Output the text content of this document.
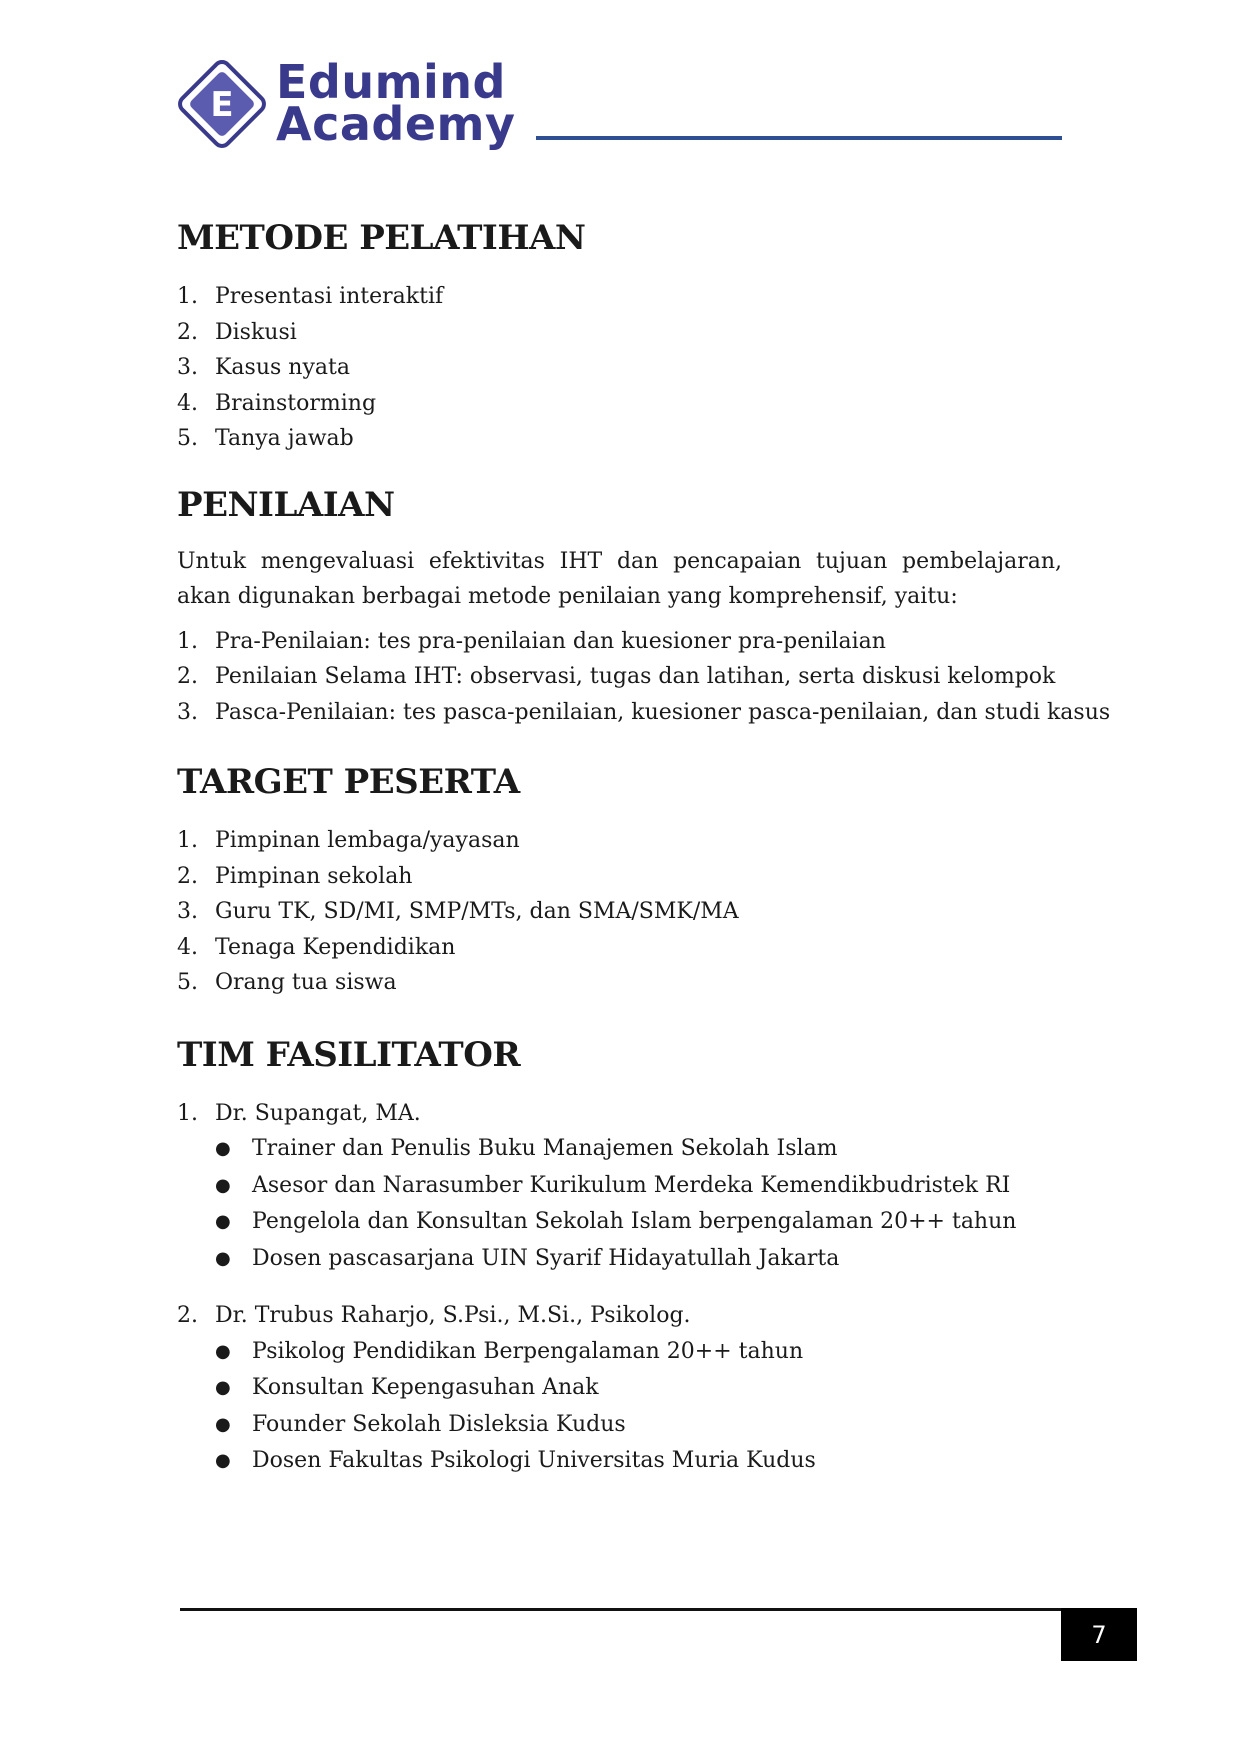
E Edumind
Academy
METODE PELATIHAN
1. Presentasi interaktif
2. Diskusi
3. Kasus nyata
4. Brainstorming
5. Tanya jawab
PENILAIAN

Untuk mengevaluasi efektivitas IHT dan pencapaian tujuan pembelajaran, akan digunakan berbagai metode penilaian yang komprehensif, yaitu:

1. Pra-Penilaian: tes pra-penilaian dan kuesioner pra-penilaian
2. Penilaian Selama IHT: observasi, tugas dan latihan, serta diskusi kelompok
3. Pasca-Penilaian: tes pasca-penilaian, kuesioner pasca-penilaian, dan studi kasus
TARGET PESERTA
1. Pimpinan lembaga/yayasan
2. Pimpinan sekolah
3. Guru TK, SD/MI, SMP/MTs, dan SMA/SMK/MA
4. Tenaga Kependidikan
5. Orang tua siswa
TIM FASILITATOR
1. Dr. Supangat, MA.
● Trainer dan Penulis Buku Manajemen Sekolah Islam
● Asesor dan Narasumber Kurikulum Merdeka Kemendikbudristek RI
● Pengelola dan Konsultan Sekolah Islam berpengalaman 20++ tahun
● Dosen pascasarjana UIN Syarif Hidayatullah Jakarta
2. Dr. Trubus Raharjo, S.Psi., M.Si., Psikolog.
● Psikolog Pendidikan Berpengalaman 20++ tahun
● Konsultan Kepengasuhan Anak
● Founder Sekolah Disleksia Kudus
● Dosen Fakultas Psikologi Universitas Muria Kudus
7
